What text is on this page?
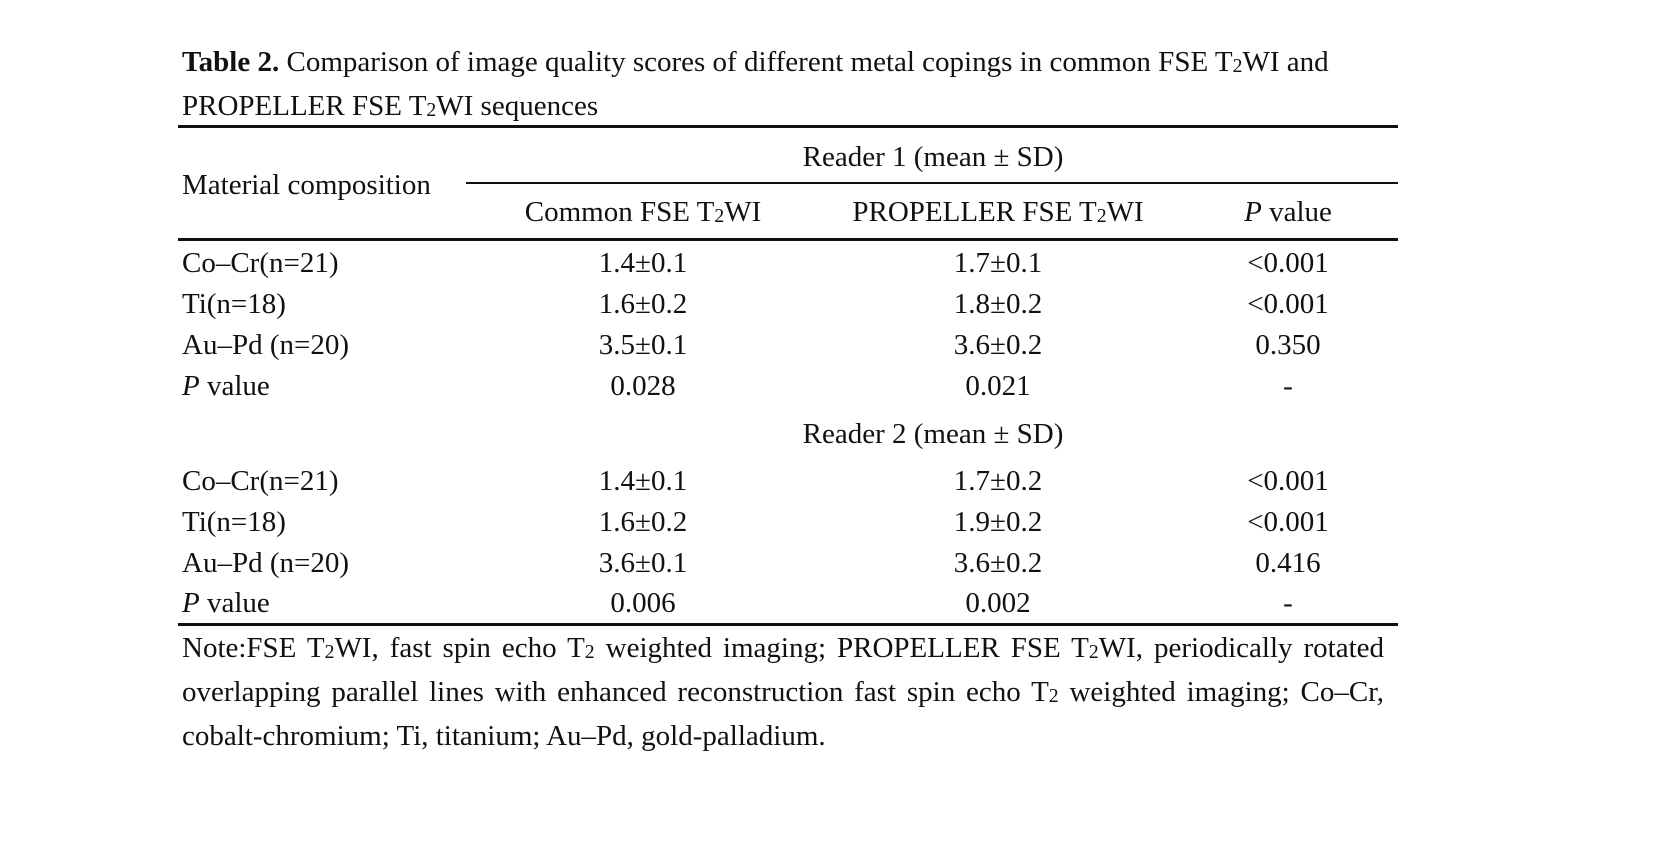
Table 2. Comparison of image quality scores of different metal copings in common FSE T2WI and PROPELLER FSE T2WI sequences
Material composition
Reader 1 (mean ± SD)
Common FSE T2WI	PROPELLER FSE T2WI	P value
Co–Cr(n=21)	1.4±0.1	1.7±0.1	<0.001
Ti(n=18)	1.6±0.2	1.8±0.2	<0.001
Au–Pd (n=20)	3.5±0.1	3.6±0.2	0.350
P value	0.028	0.021	-
Reader 2 (mean ± SD)
Co–Cr(n=21)	1.4±0.1	1.7±0.2	<0.001
Ti(n=18)	1.6±0.2	1.9±0.2	<0.001
Au–Pd (n=20)	3.6±0.1	3.6±0.2	0.416
P value	0.006	0.002	-
Note:FSE T2WI, fast spin echo T2 weighted imaging; PROPELLER FSE T2WI, periodically rotated overlapping parallel lines with enhanced reconstruction fast spin echo T2 weighted imaging; Co–Cr, cobalt-chromium; Ti, titanium; Au–Pd, gold-palladium.
